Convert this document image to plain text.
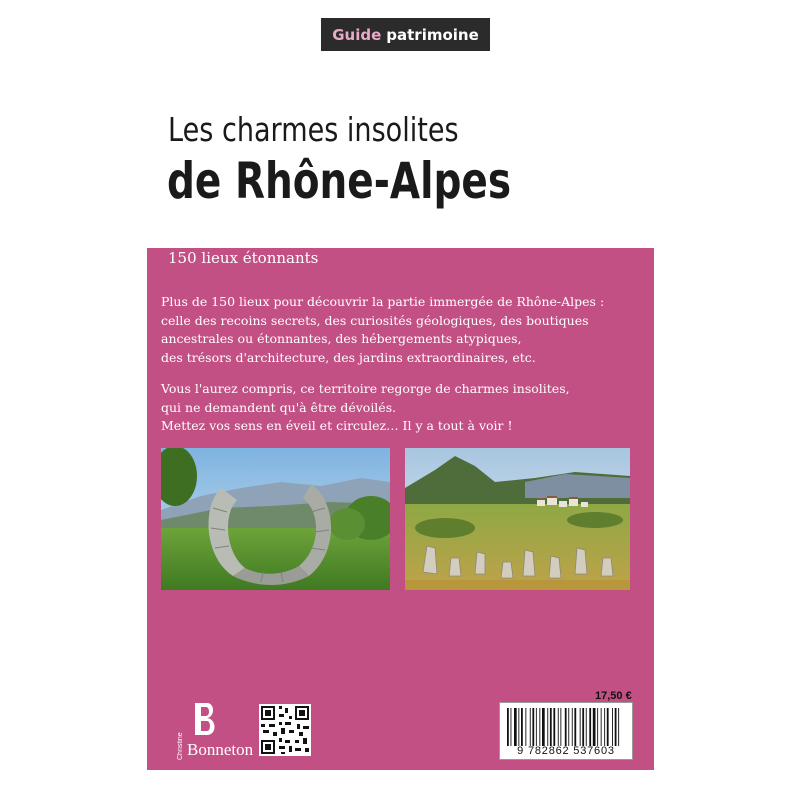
Guide patrimoine
Les charmes insolites
de Rhône-Alpes
150 lieux étonnants
Plus de 150 lieux pour découvrir la partie immergée de Rhône-Alpes :
celle des recoins secrets, des curiosités géologiques, des boutiques
ancestrales ou étonnantes, des hébergements atypiques,
des trésors d'architecture, des jardins extraordinaires, etc.
Vous l'aurez compris, ce territoire regorge de charmes insolites,
qui ne demandent qu'à être dévoilés.
Mettez vos sens en éveil et circulez… Il y a tout à voir !
Christine Bonneton
17,50 €
9 782862 537603
